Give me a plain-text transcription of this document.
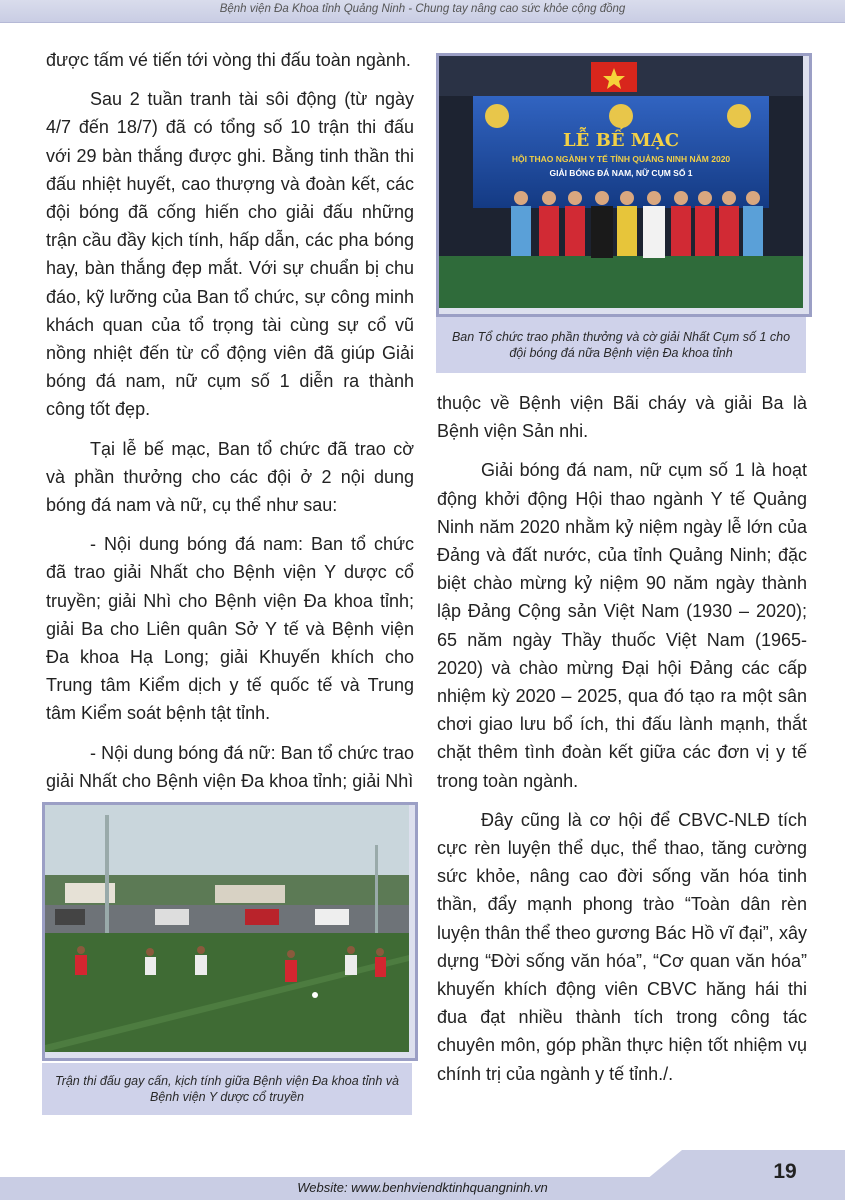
Bệnh viện Đa Khoa tỉnh Quảng Ninh - Chung tay nâng cao sức khỏe cộng đồng

được tấm vé tiến tới vòng thi đấu toàn ngành.

Sau 2 tuần tranh tài sôi động (từ ngày 4/7 đến 18/7) đã có tổng số 10 trận thi đấu với 29 bàn thắng được ghi. Bằng tinh thần thi đấu nhiệt huyết, cao thượng và đoàn kết, các đội bóng đã cống hiến cho giải đấu những trận cầu đầy kịch tính, hấp dẫn, các pha bóng hay, bàn thắng đẹp mắt. Với sự chuẩn bị chu đáo, kỹ lưỡng của Ban tổ chức, sự công minh khách quan của tổ trọng tài cùng sự cổ vũ nồng nhiệt đến từ cổ động viên đã giúp Giải bóng đá nam, nữ cụm số 1 diễn ra thành công tốt đẹp.

Tại lễ bế mạc, Ban tổ chức đã trao cờ và phần thưởng cho các đội ở 2 nội dung bóng đá nam và nữ, cụ thể như sau:

- Nội dung bóng đá nam: Ban tổ chức đã trao giải Nhất cho Bệnh viện Y dược cổ truyền; giải Nhì cho Bệnh viện Đa khoa tỉnh; giải Ba cho Liên quân Sở Y tế và Bệnh viện Đa khoa Hạ Long; giải Khuyến khích cho Trung tâm Kiểm dịch y tế quốc tế và Trung tâm Kiểm soát bệnh tật tỉnh.

- Nội dung bóng đá nữ: Ban tổ chức trao giải Nhất cho Bệnh viện Đa khoa tỉnh; giải Nhì

LỄ BẾ MẠC
HỘI THAO NGÀNH Y TẾ TỈNH QUẢNG NINH NĂM 2020
GIẢI BÓNG ĐÁ NAM, NỮ CỤM SỐ 1
Ban Tổ chức trao phần thưởng và cờ giải Nhất Cụm số 1 cho đội bóng đá nữa Bệnh viện Đa khoa tỉnh

thuộc về Bệnh viện Bãi cháy và giải Ba là Bệnh viện Sản nhi.

Giải bóng đá nam, nữ cụm số 1 là hoạt động khởi động Hội thao ngành Y tế Quảng Ninh năm 2020 nhằm kỷ niệm ngày lễ lớn của Đảng và đất nước, của tỉnh Quảng Ninh; đặc biệt chào mừng kỷ niệm 90 năm ngày thành lập Đảng Cộng sản Việt Nam (1930 – 2020); 65 năm ngày Thầy thuốc Việt Nam (1965-2020) và chào mừng Đại hội Đảng các cấp nhiệm kỳ 2020 – 2025, qua đó tạo ra một sân chơi giao lưu bổ ích, thi đấu lành mạnh, thắt chặt thêm tình đoàn kết giữa các đơn vị y tế trong toàn ngành.

Đây cũng là cơ hội để CBVC-NLĐ tích cực rèn luyện thể dục, thể thao, tăng cường sức khỏe, nâng cao đời sống văn hóa tinh thần, đẩy mạnh phong trào “Toàn dân rèn luyện thân thể theo gương Bác Hồ vĩ đại”, xây dựng “Đời sống văn hóa”, “Cơ quan văn hóa” khuyến khích động viên CBVC hăng hái thi đua đạt nhiều thành tích trong công tác chuyên môn, góp phần thực hiện tốt nhiệm vụ chính trị của ngành y tế tỉnh./.

Trận thi đấu gay cấn, kịch tính giữa Bệnh viện Đa khoa tỉnh và Bệnh viện Y dược cổ truyền
19
Website: www.benhviendktinhquangninh.vn
